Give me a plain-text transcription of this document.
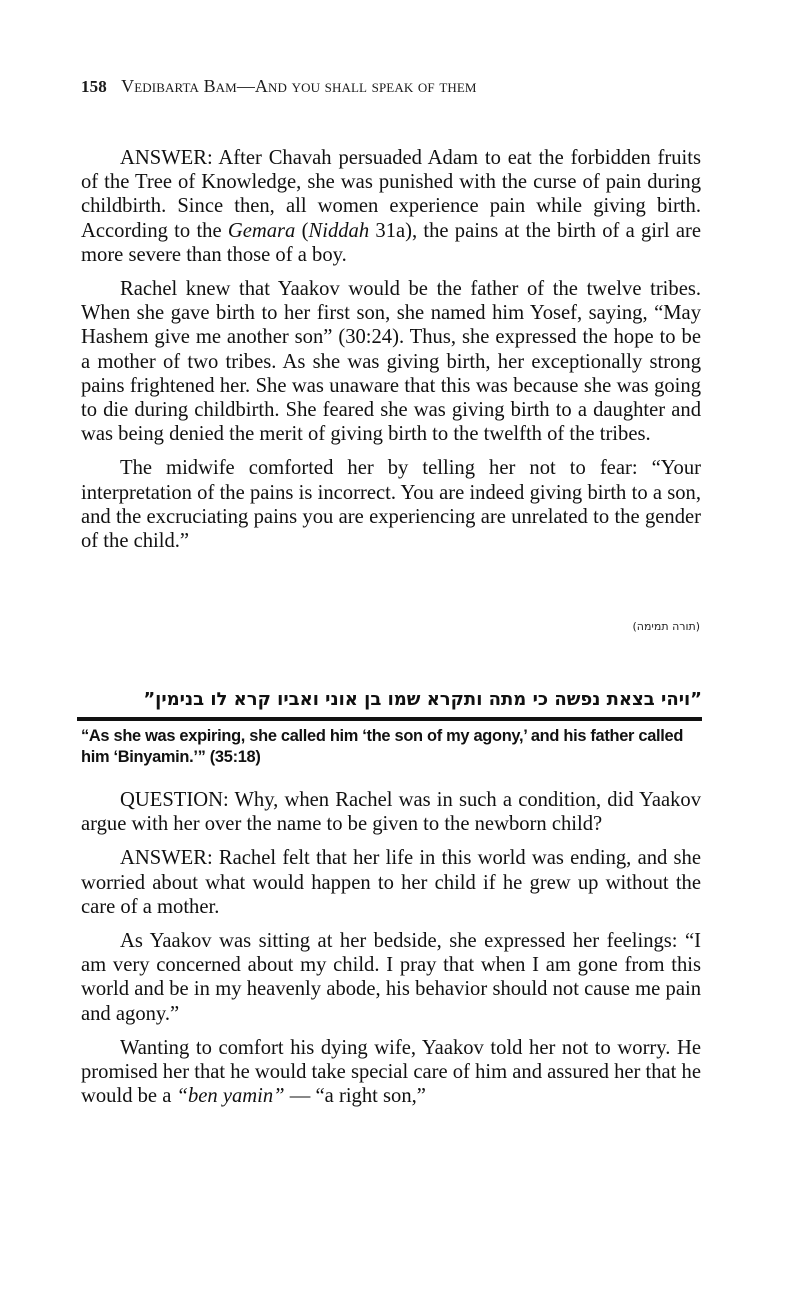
158 Vedibarta Bam—And you shall speak of them

ANSWER: After Chavah persuaded Adam to eat the forbidden fruits of the Tree of Knowledge, she was punished with the curse of pain during childbirth. Since then, all women experience pain while giving birth. According to the Gemara (Niddah 31a), the pains at the birth of a girl are more severe than those of a boy.

Rachel knew that Yaakov would be the father of the twelve tribes. When she gave birth to her first son, she named him Yosef, saying, “May Hashem give me another son” (30:24). Thus, she expressed the hope to be a mother of two tribes. As she was giving birth, her exceptionally strong pains frightened her. She was unaware that this was because she was going to die during childbirth. She feared she was giving birth to a daughter and was being denied the merit of giving birth to the twelfth of the tribes.

The midwife comforted her by telling her not to fear: “Your interpretation of the pains is incorrect. You are indeed giving birth to a son, and the excruciating pains you are experiencing are unrelated to the gender of the child.”

(תורה תמימה)
”ויהי בצאת נפשה כי מתה ותקרא שמו בן אוני ואביו קרא לו בנימין”
“As she was expiring, she called him ‘the son of my agony,’ and his father called him ‘Binyamin.’” (35:18)

QUESTION: Why, when Rachel was in such a condition, did Yaakov argue with her over the name to be given to the newborn child?

ANSWER: Rachel felt that her life in this world was ending, and she worried about what would happen to her child if he grew up without the care of a mother.

As Yaakov was sitting at her bedside, she expressed her feelings: “I am very concerned about my child. I pray that when I am gone from this world and be in my heavenly abode, his behavior should not cause me pain and agony.”

Wanting to comfort his dying wife, Yaakov told her not to worry. He promised her that he would take special care of him and assured her that he would be a “ben yamin” — “a right son,”
